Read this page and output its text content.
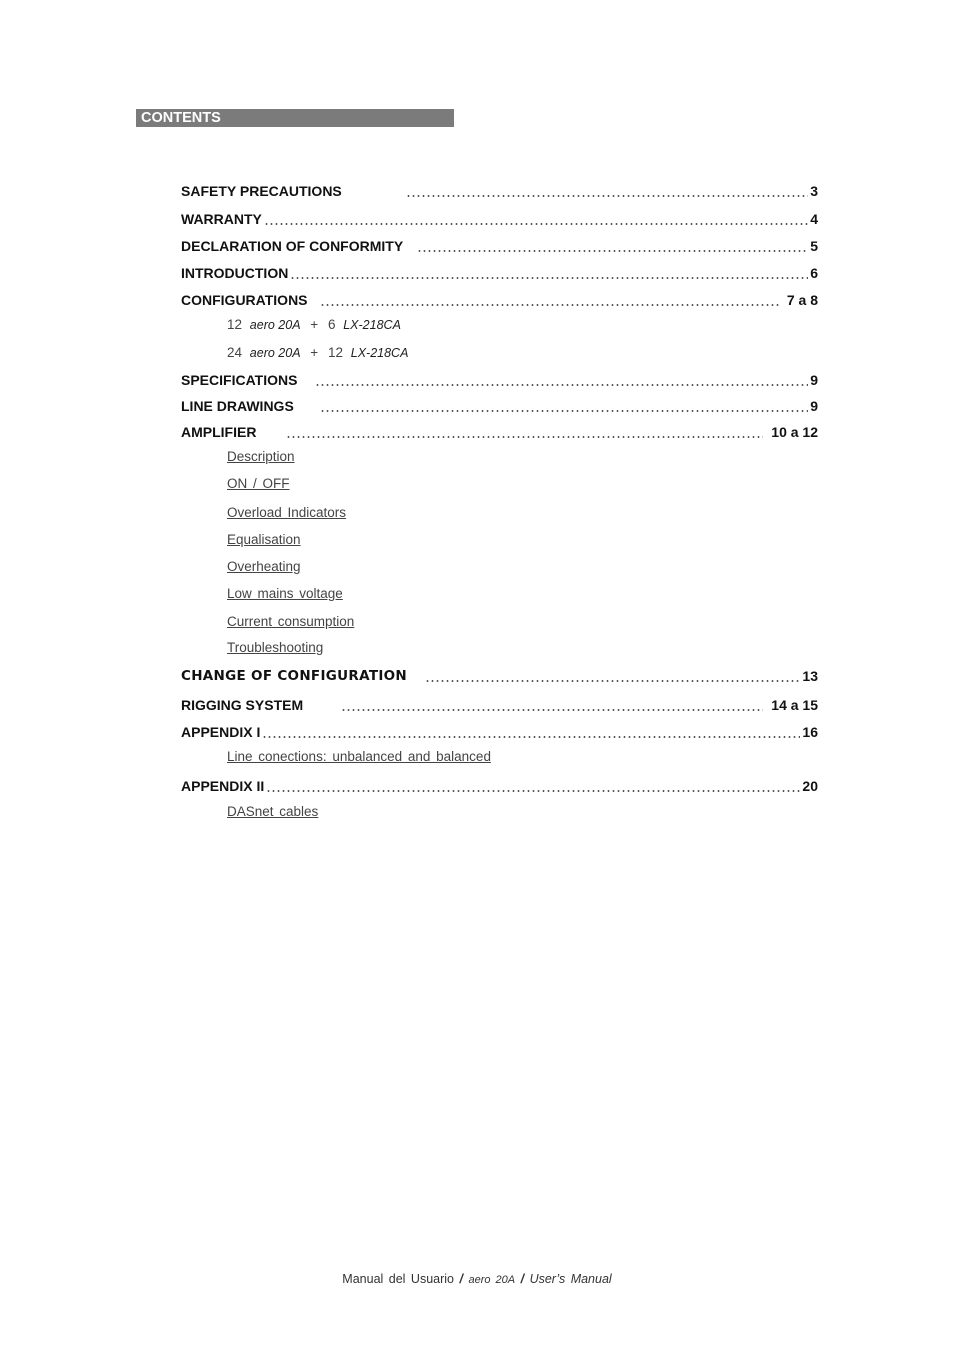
CONTENTS
SAFETY PRECAUTIONS	3
WARRANTY	4
DECLARATION OF CONFORMITY	5
INTRODUCTION	6
CONFIGURATIONS	7 a 8
12 aero 20A + 6 LX-218CA
24 aero 20A + 12 LX-218CA
SPECIFICATIONS	9
LINE DRAWINGS	9
AMPLIFIER	10 a 12
Description
ON / OFF
Overload Indicators
Equalisation
Overheating
Low mains voltage
Current consumption
Troubleshooting
CHANGE OF CONFIGURATION	13
RIGGING SYSTEM	14 a 15
APPENDIX I	16
Line conections: unbalanced and balanced
APPENDIX II	20
DASnet cables
Manual del Usuario / aero 20A / User’s Manual
